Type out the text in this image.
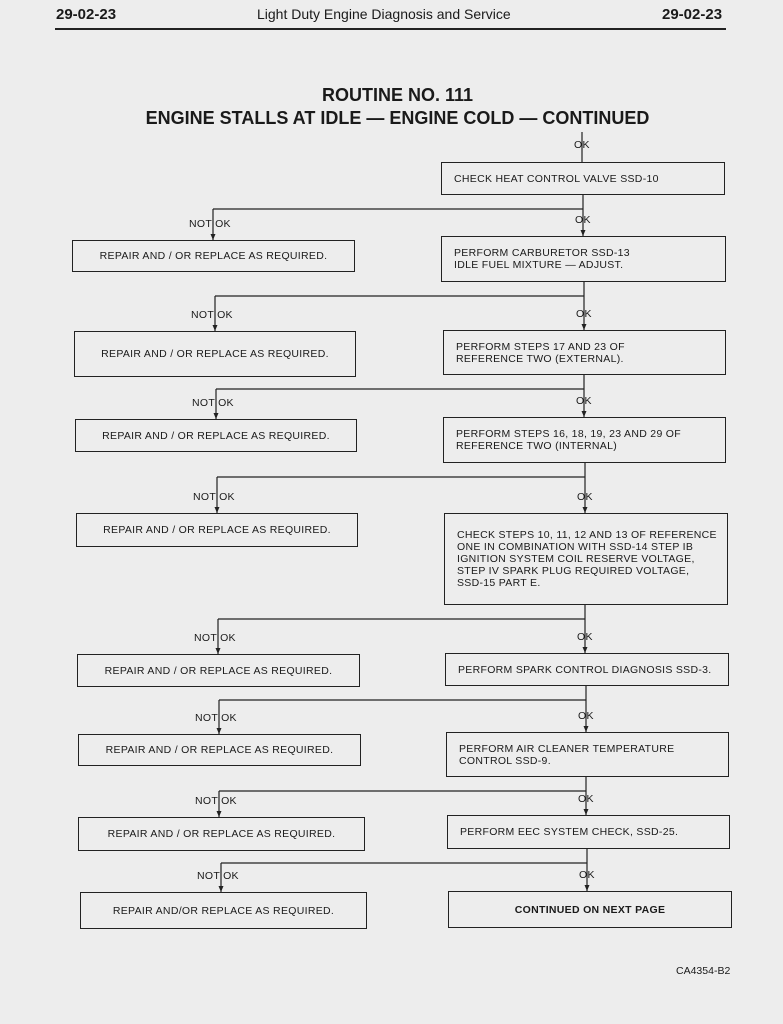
29-02-23	Light Duty Engine Diagnosis and Service	29-02-23
ROUTINE NO. 111
ENGINE STALLS AT IDLE — ENGINE COLD — CONTINUED
OK
CHECK HEAT CONTROL VALVE SSD-10
REPAIR AND / OR REPLACE AS REQUIRED.
OK
NOT OK
PERFORM CARBURETOR SSD-13
IDLE FUEL MIXTURE — ADJUST.
REPAIR AND / OR REPLACE AS REQUIRED.
OK
NOT OK
PERFORM STEPS 17 AND 23 OF
REFERENCE TWO (EXTERNAL).
REPAIR AND / OR REPLACE AS REQUIRED.
OK
NOT OK
PERFORM STEPS 16, 18, 19, 23 AND 29 OF
REFERENCE TWO (INTERNAL)
REPAIR AND / OR REPLACE AS REQUIRED.
OK
NOT OK
CHECK STEPS 10, 11, 12 AND 13 OF REFERENCE
ONE IN COMBINATION WITH SSD-14 STEP IB
IGNITION SYSTEM COIL RESERVE VOLTAGE,
STEP IV SPARK PLUG REQUIRED VOLTAGE,
SSD-15 PART E.
REPAIR AND / OR REPLACE AS REQUIRED.
OK
NOT OK
PERFORM SPARK CONTROL DIAGNOSIS SSD-3.
REPAIR AND / OR REPLACE AS REQUIRED.
OK
NOT OK
PERFORM AIR CLEANER TEMPERATURE
CONTROL SSD-9.
REPAIR AND / OR REPLACE AS REQUIRED.
OK
NOT OK
PERFORM EEC SYSTEM CHECK, SSD-25.
REPAIR AND/OR REPLACE AS REQUIRED.
OK
NOT OK
CONTINUED ON NEXT PAGE
CA4354-B2
